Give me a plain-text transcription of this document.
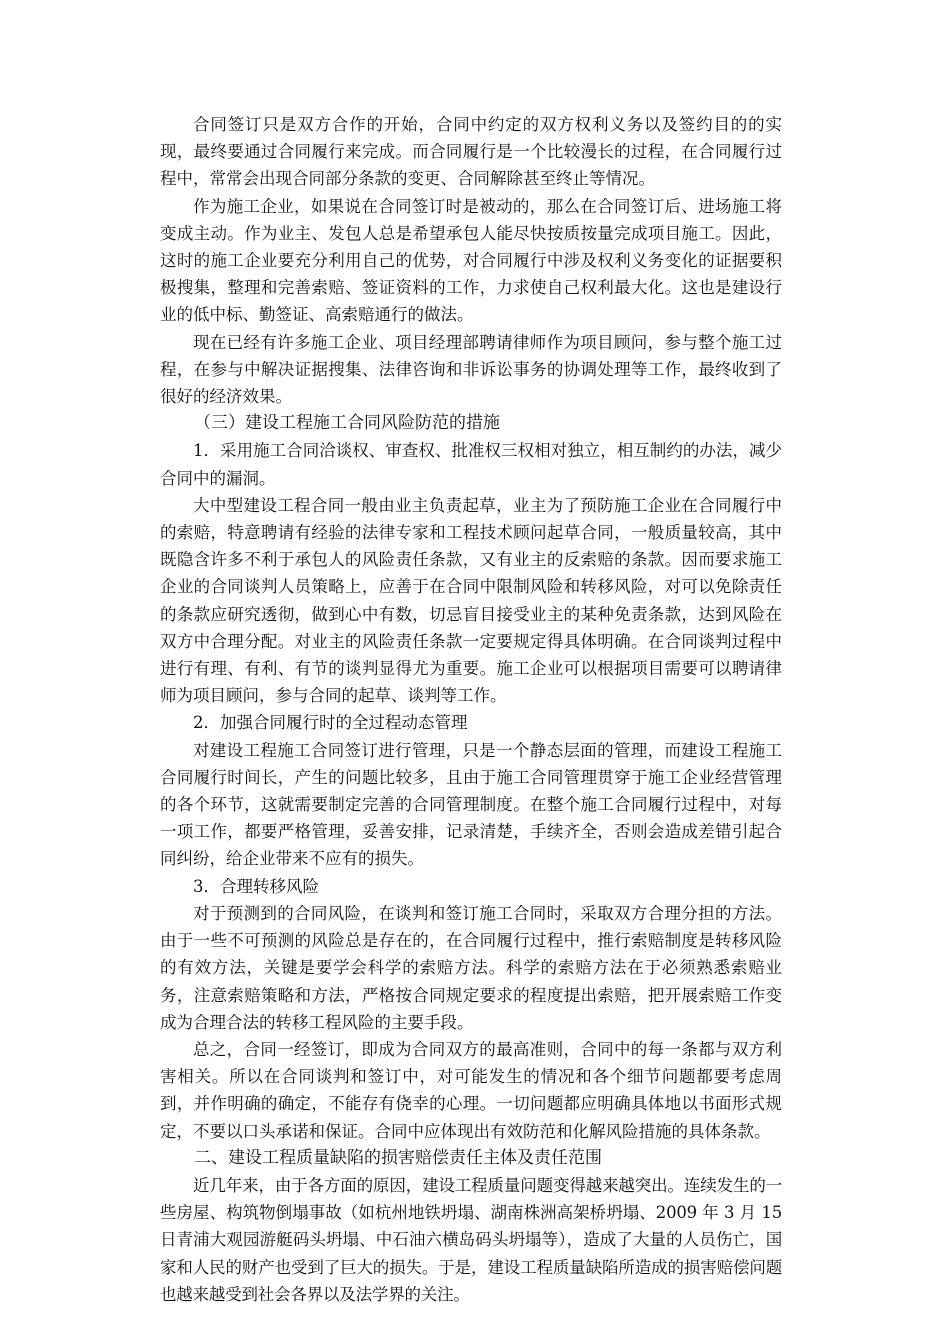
合同签订只是双方合作的开始，合同中约定的双方权利义务以及签约目的的实现，最终要通过合同履行来完成。而合同履行是一个比较漫长的过程，在合同履行过程中，常常会出现合同部分条款的变更、合同解除甚至终止等情况。

作为施工企业，如果说在合同签订时是被动的，那么在合同签订后、进场施工将变成主动。作为业主、发包人总是希望承包人能尽快按质按量完成项目施工。因此，这时的施工企业要充分利用自己的优势，对合同履行中涉及权利义务变化的证据要积极搜集，整理和完善索赔、签证资料的工作，力求使自己权利最大化。这也是建设行业的低中标、勤签证、高索赔通行的做法。

现在已经有许多施工企业、项目经理部聘请律师作为项目顾问，参与整个施工过程，在参与中解决证据搜集、法律咨询和非诉讼事务的协调处理等工作，最终收到了很好的经济效果。

（三）建设工程施工合同风险防范的措施

1．采用施工合同洽谈权、审查权、批准权三权相对独立，相互制约的办法，减少合同中的漏洞。

大中型建设工程合同一般由业主负责起草，业主为了预防施工企业在合同履行中的索赔，特意聘请有经验的法律专家和工程技术顾问起草合同，一般质量较高，其中既隐含许多不利于承包人的风险责任条款，又有业主的反索赔的条款。因而要求施工企业的合同谈判人员策略上，应善于在合同中限制风险和转移风险，对可以免除责任的条款应研究透彻，做到心中有数，切忌盲目接受业主的某种免责条款，达到风险在双方中合理分配。对业主的风险责任条款一定要规定得具体明确。在合同谈判过程中进行有理、有利、有节的谈判显得尤为重要。施工企业可以根据项目需要可以聘请律师为项目顾问，参与合同的起草、谈判等工作。

2．加强合同履行时的全过程动态管理

对建设工程施工合同签订进行管理，只是一个静态层面的管理，而建设工程施工合同履行时间长，产生的问题比较多，且由于施工合同管理贯穿于施工企业经营管理的各个环节，这就需要制定完善的合同管理制度。在整个施工合同履行过程中，对每一项工作，都要严格管理，妥善安排，记录清楚，手续齐全，否则会造成差错引起合同纠纷，给企业带来不应有的损失。

3．合理转移风险

对于预测到的合同风险，在谈判和签订施工合同时，采取双方合理分担的方法。由于一些不可预测的风险总是存在的，在合同履行过程中，推行索赔制度是转移风险的有效方法，关键是要学会科学的索赔方法。科学的索赔方法在于必须熟悉索赔业务，注意索赔策略和方法，严格按合同规定要求的程度提出索赔，把开展索赔工作变成为合理合法的转移工程风险的主要手段。

总之，合同一经签订，即成为合同双方的最高准则，合同中的每一条都与双方利害相关。所以在合同谈判和签订中，对可能发生的情况和各个细节问题都要考虑周到，并作明确的确定，不能存有侥幸的心理。一切问题都应明确具体地以书面形式规定，不要以口头承诺和保证。合同中应体现出有效防范和化解风险措施的具体条款。

二、建设工程质量缺陷的损害赔偿责任主体及责任范围

近几年来，由于各方面的原因，建设工程质量问题变得越来越突出。连续发生的一些房屋、构筑物倒塌事故（如杭州地铁坍塌、湖南株洲高架桥坍塌、2009 年 3 月 15 日青浦大观园游艇码头坍塌、中石油六横岛码头坍塌等），造成了大量的人员伤亡，国家和人民的财产也受到了巨大的损失。于是，建设工程质量缺陷所造成的损害赔偿问题也越来越受到社会各界以及法学界的关注。
